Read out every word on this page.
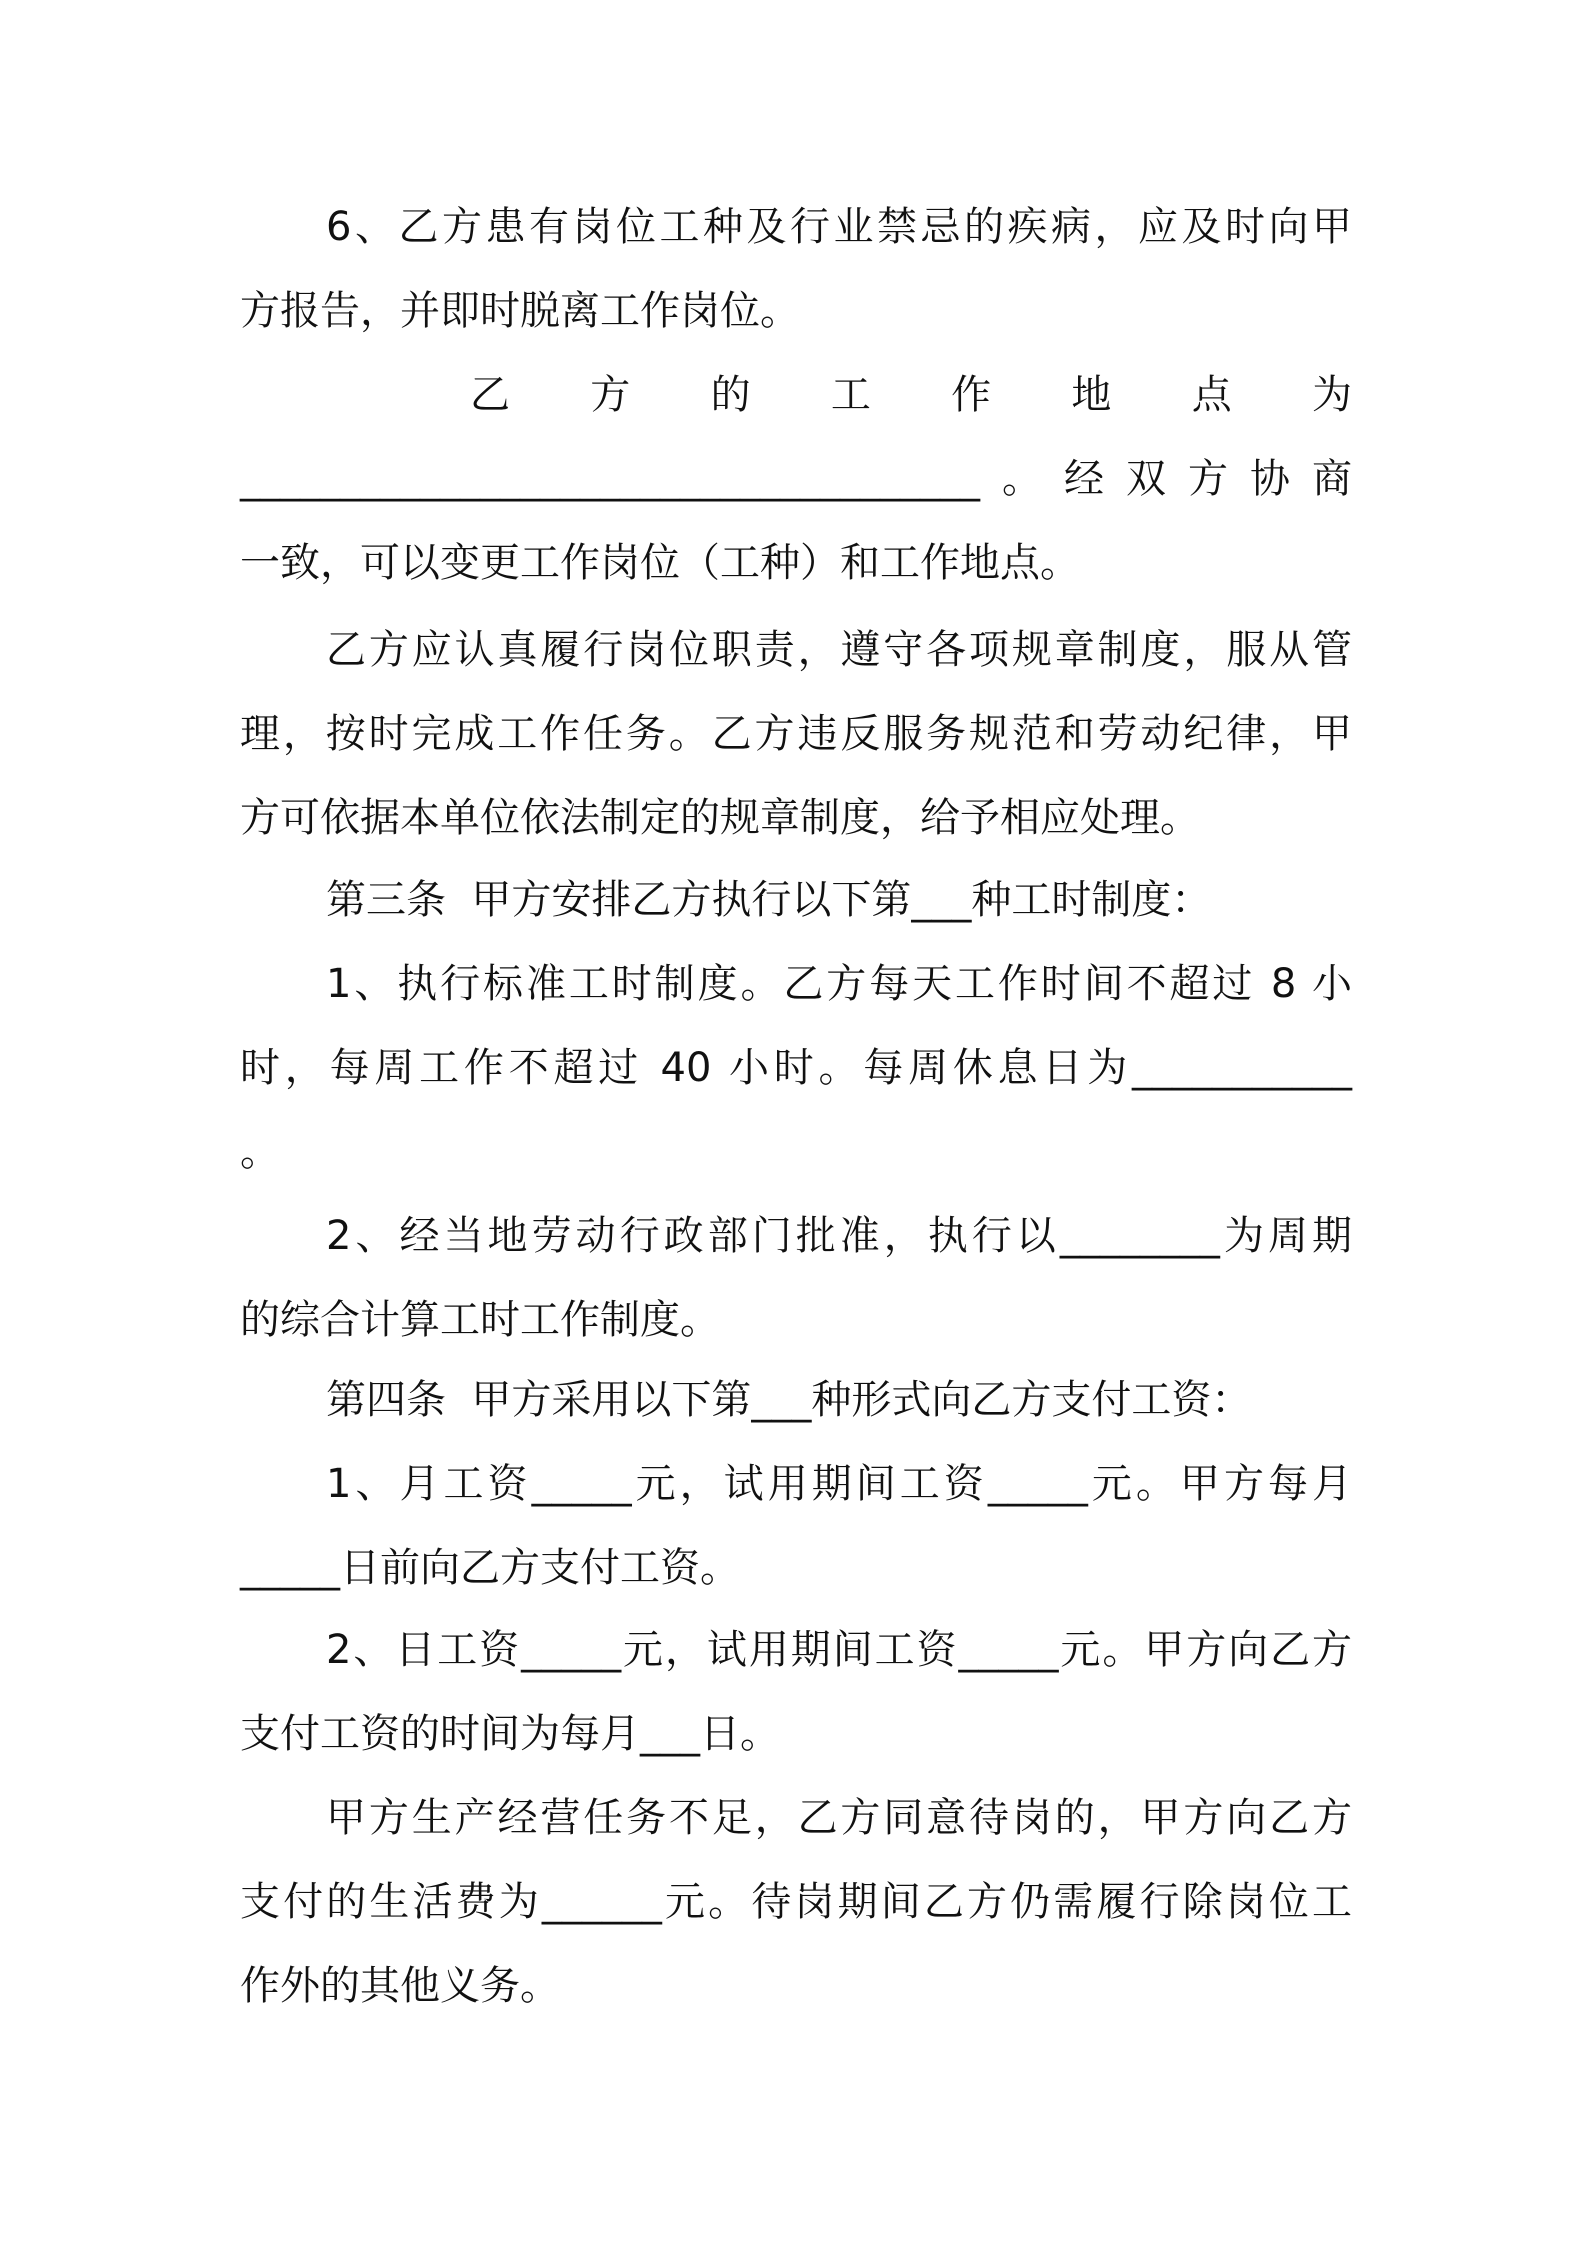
6、乙方患有岗位工种及行业禁忌的疾病，应及时向甲

方报告，并即时脱离工作岗位。

乙 方 的 工 作 地 点 为

_____________________________________。经双方协商

一致，可以变更工作岗位（工种）和工作地点。

乙方应认真履行岗位职责，遵守各项规章制度，服从管

理，按时完成工作任务。乙方违反服务规范和劳动纪律，甲

方可依据本单位依法制定的规章制度，给予相应处理。

第三条  甲方安排乙方执行以下第___种工时制度：

1、执行标准工时制度。乙方每天工作时间不超过 8 小

时，每周工作不超过 40 小时。每周休息日为___________

。

2、经当地劳动行政部门批准，执行以________为周期

的综合计算工时工作制度。

第四条  甲方采用以下第___种形式向乙方支付工资：

1、月工资_____元，试用期间工资_____元。甲方每月

_____日前向乙方支付工资。

2、日工资_____元，试用期间工资_____元。甲方向乙方

支付工资的时间为每月___日。

甲方生产经营任务不足，乙方同意待岗的，甲方向乙方

支付的生活费为______元。待岗期间乙方仍需履行除岗位工

作外的其他义务。
